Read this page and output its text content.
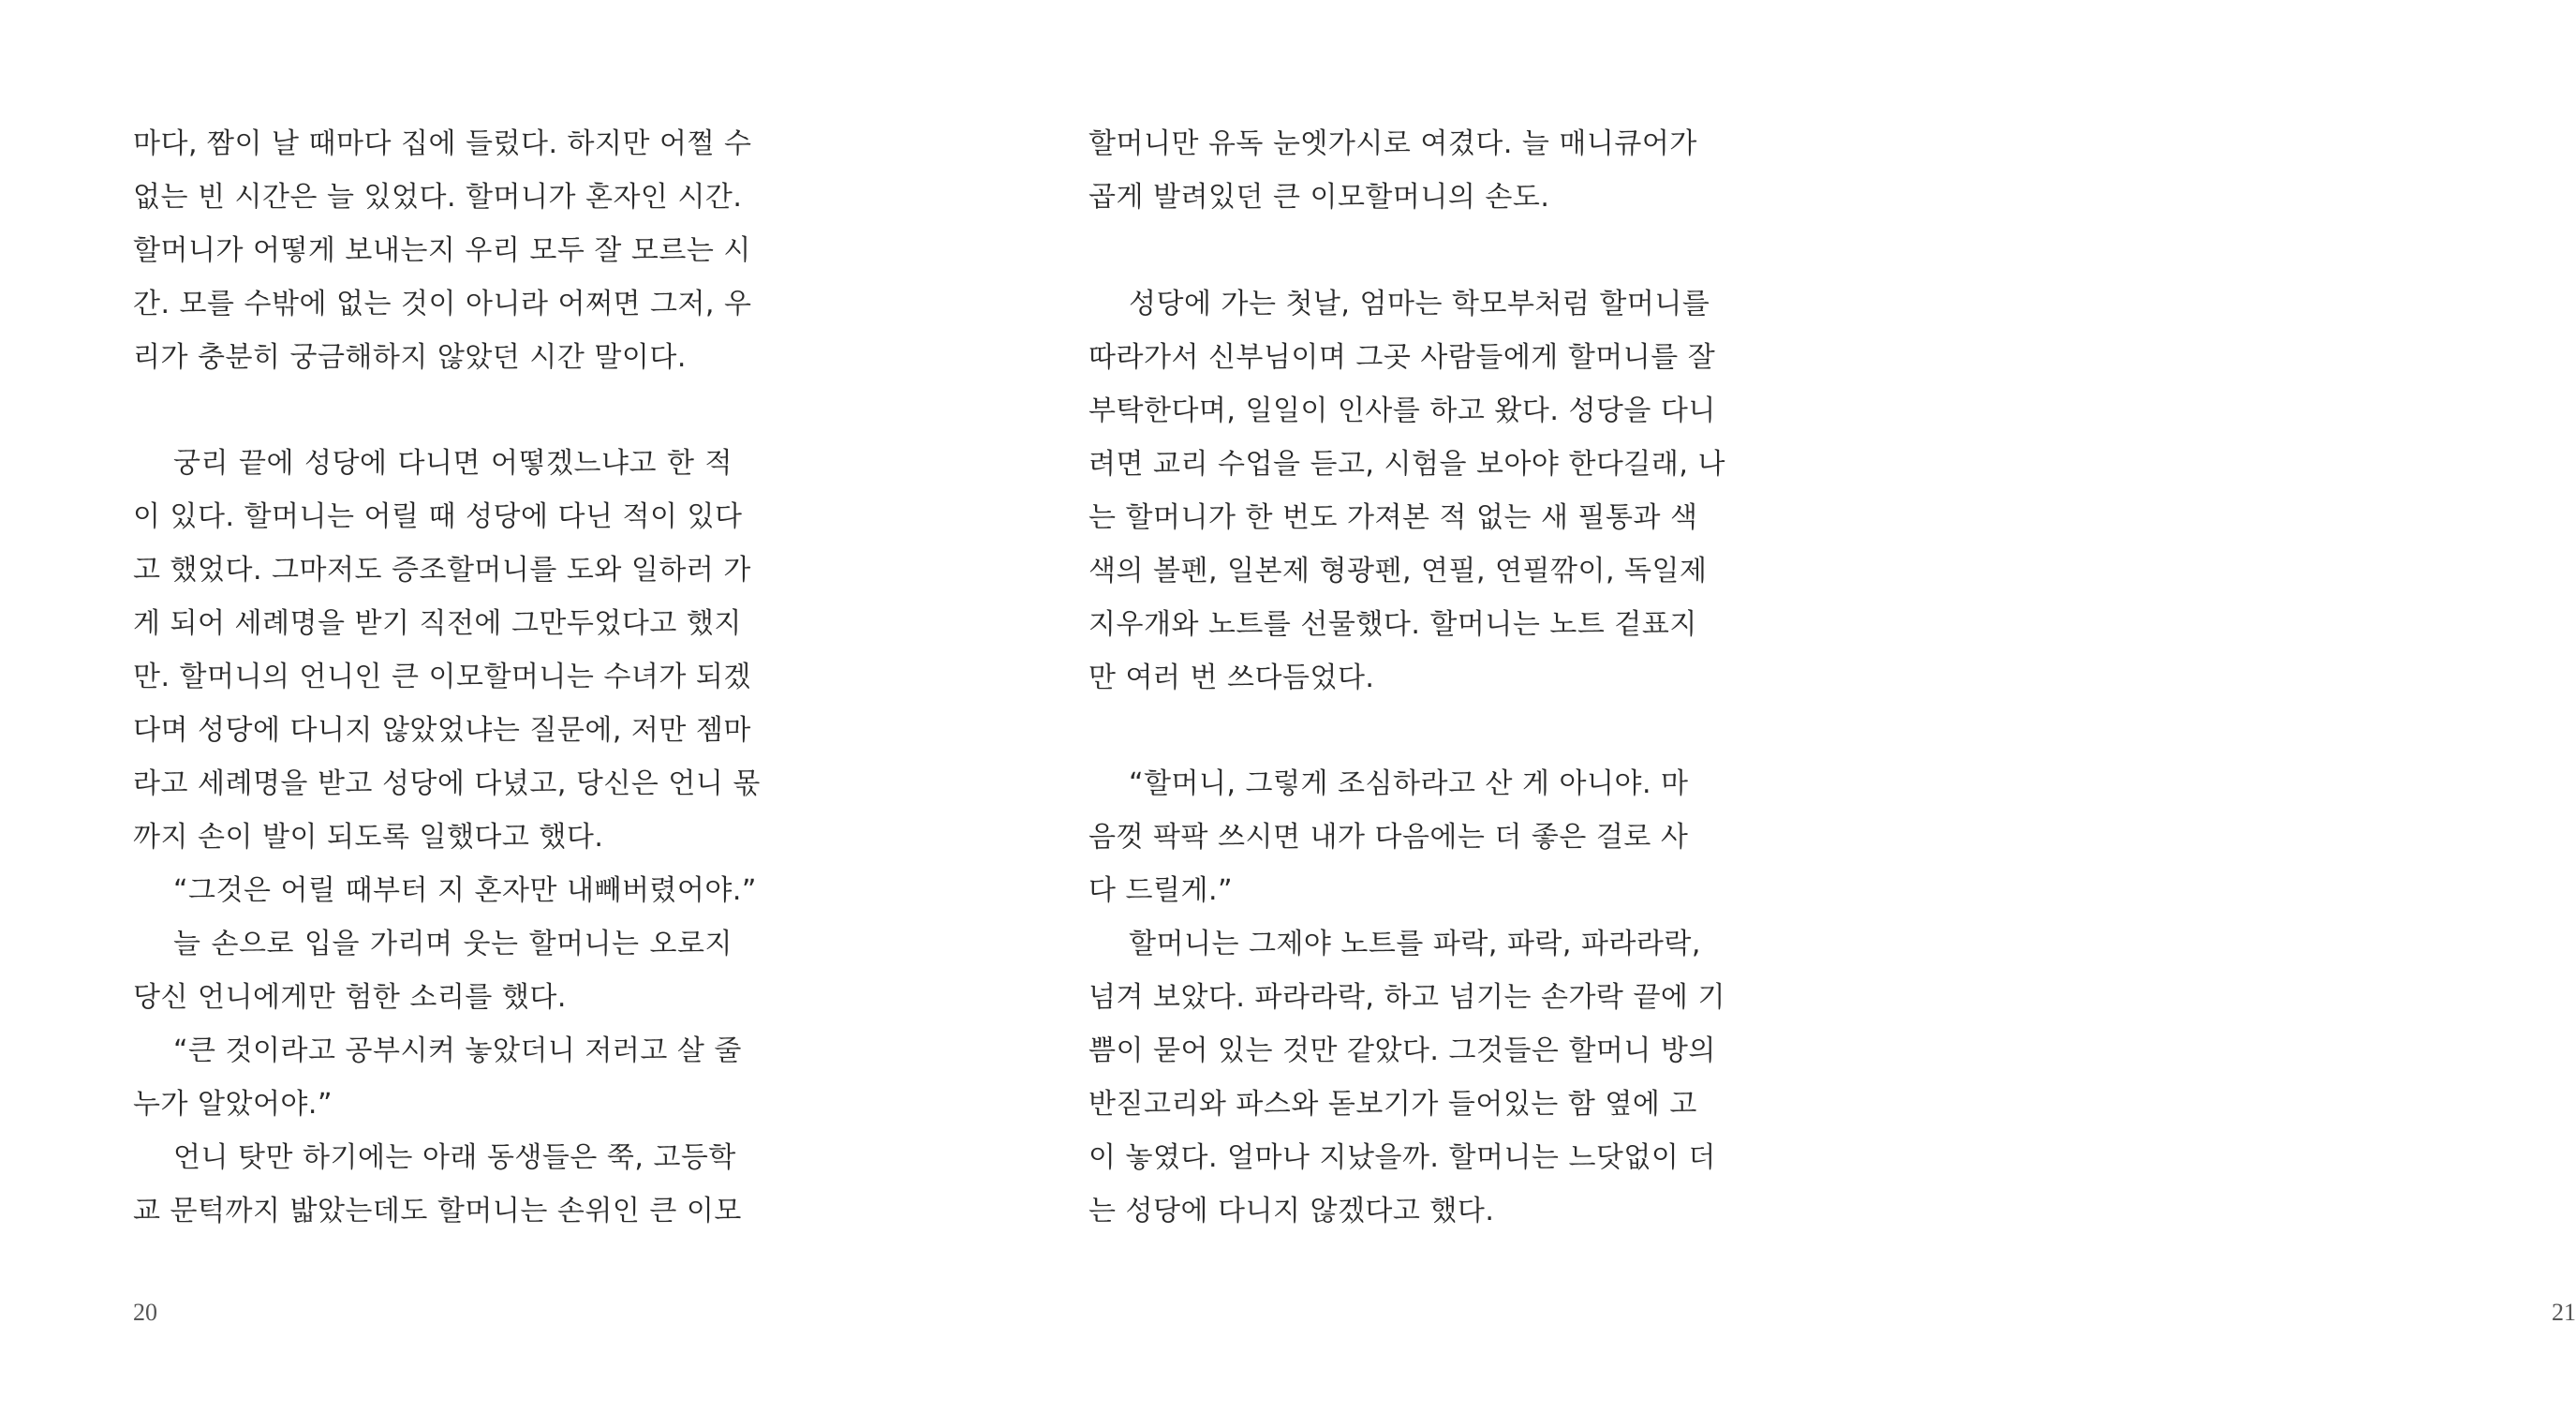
마다, 짬이 날 때마다 집에 들렀다. 하지만 어쩔 수
없는 빈 시간은 늘 있었다. 할머니가 혼자인 시간.
할머니가 어떻게 보내는지 우리 모두 잘 모르는 시
간. 모를 수밖에 없는 것이 아니라 어쩌면 그저, 우
리가 충분히 궁금해하지 않았던 시간 말이다.
궁리 끝에 성당에 다니면 어떻겠느냐고 한 적
이 있다. 할머니는 어릴 때 성당에 다닌 적이 있다
고 했었다. 그마저도 증조할머니를 도와 일하러 가
게 되어 세례명을 받기 직전에 그만두었다고 했지
만. 할머니의 언니인 큰 이모할머니는 수녀가 되겠
다며 성당에 다니지 않았었냐는 질문에, 저만 젬마
라고 세례명을 받고 성당에 다녔고, 당신은 언니 몫
까지 손이 발이 되도록 일했다고 했다.
“그것은 어릴 때부터 지 혼자만 내빼버렸어야.”
늘 손으로 입을 가리며 웃는 할머니는 오로지
당신 언니에게만 험한 소리를 했다.
“큰 것이라고 공부시켜 놓았더니 저러고 살 줄
누가 알았어야.”
언니 탓만 하기에는 아래 동생들은 쭉, 고등학
교 문턱까지 밟았는데도 할머니는 손위인 큰 이모
20
할머니만 유독 눈엣가시로 여겼다. 늘 매니큐어가
곱게 발려있던 큰 이모할머니의 손도.
성당에 가는 첫날, 엄마는 학모부처럼 할머니를
따라가서 신부님이며 그곳 사람들에게 할머니를 잘
부탁한다며, 일일이 인사를 하고 왔다. 성당을 다니
려면 교리 수업을 듣고, 시험을 보아야 한다길래, 나
는 할머니가 한 번도 가져본 적 없는 새 필통과 색
색의 볼펜, 일본제 형광펜, 연필, 연필깎이, 독일제
지우개와 노트를 선물했다. 할머니는 노트 겉표지
만 여러 번 쓰다듬었다.
“할머니, 그렇게 조심하라고 산 게 아니야. 마
음껏 팍팍 쓰시면 내가 다음에는 더 좋은 걸로 사
다 드릴게.”
할머니는 그제야 노트를 파락, 파락, 파라라락,
넘겨 보았다. 파라라락, 하고 넘기는 손가락 끝에 기
쁨이 묻어 있는 것만 같았다. 그것들은 할머니 방의
반짇고리와 파스와 돋보기가 들어있는 함 옆에 고
이 놓였다. 얼마나 지났을까. 할머니는 느닷없이 더
는 성당에 다니지 않겠다고 했다.
21
